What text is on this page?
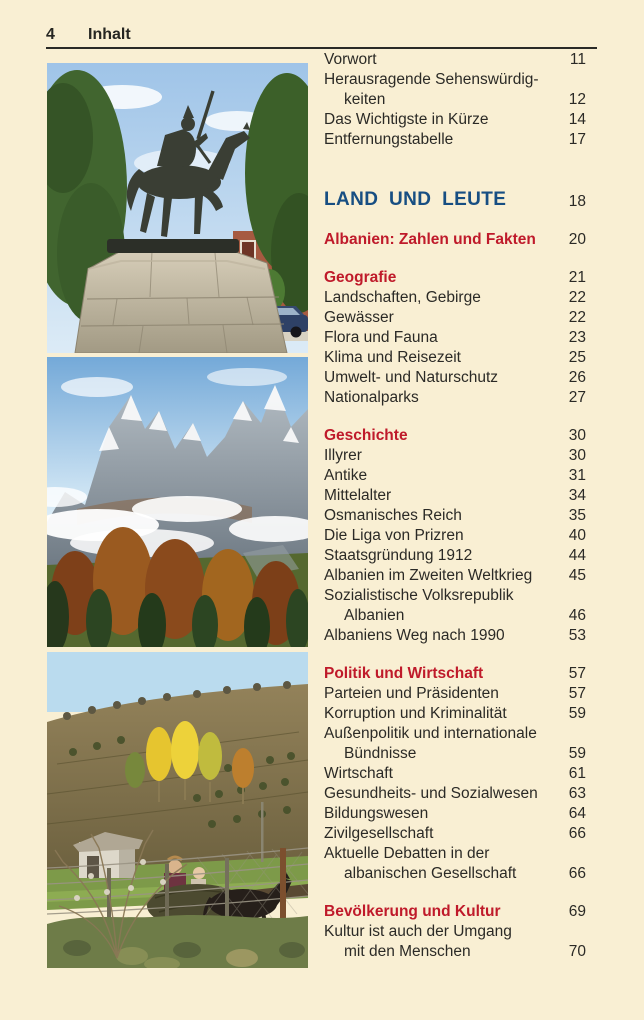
4 Inhalt
Vorwort	11
Herausragende Sehenswürdig-
keiten	12
Das Wichtigste in Kürze	14
Entfernungstabelle	17
LAND UND LEUTE	18
Albanien: Zahlen und Fakten	20
Geografie	21
Landschaften, Gebirge	22
Gewässer	22
Flora und Fauna	23
Klima und Reisezeit	25
Umwelt- und Naturschutz	26
Nationalparks	27
Geschichte	30
Illyrer	30
Antike	31
Mittelalter	34
Osmanisches Reich	35
Die Liga von Prizren	40
Staatsgründung 1912	44
Albanien im Zweiten Weltkrieg	45
Sozialistische Volksrepublik
Albanien	46
Albaniens Weg nach 1990	53
Politik und Wirtschaft	57
Parteien und Präsidenten	57
Korruption und Kriminalität	59
Außenpolitik und internationale
Bündnisse	59
Wirtschaft	61
Gesundheits- und Sozialwesen	63
Bildungswesen	64
Zivilgesellschaft	66
Aktuelle Debatten in der
albanischen Gesellschaft	66
Bevölkerung und Kultur	69
Kultur ist auch der Umgang
mit den Menschen	70
